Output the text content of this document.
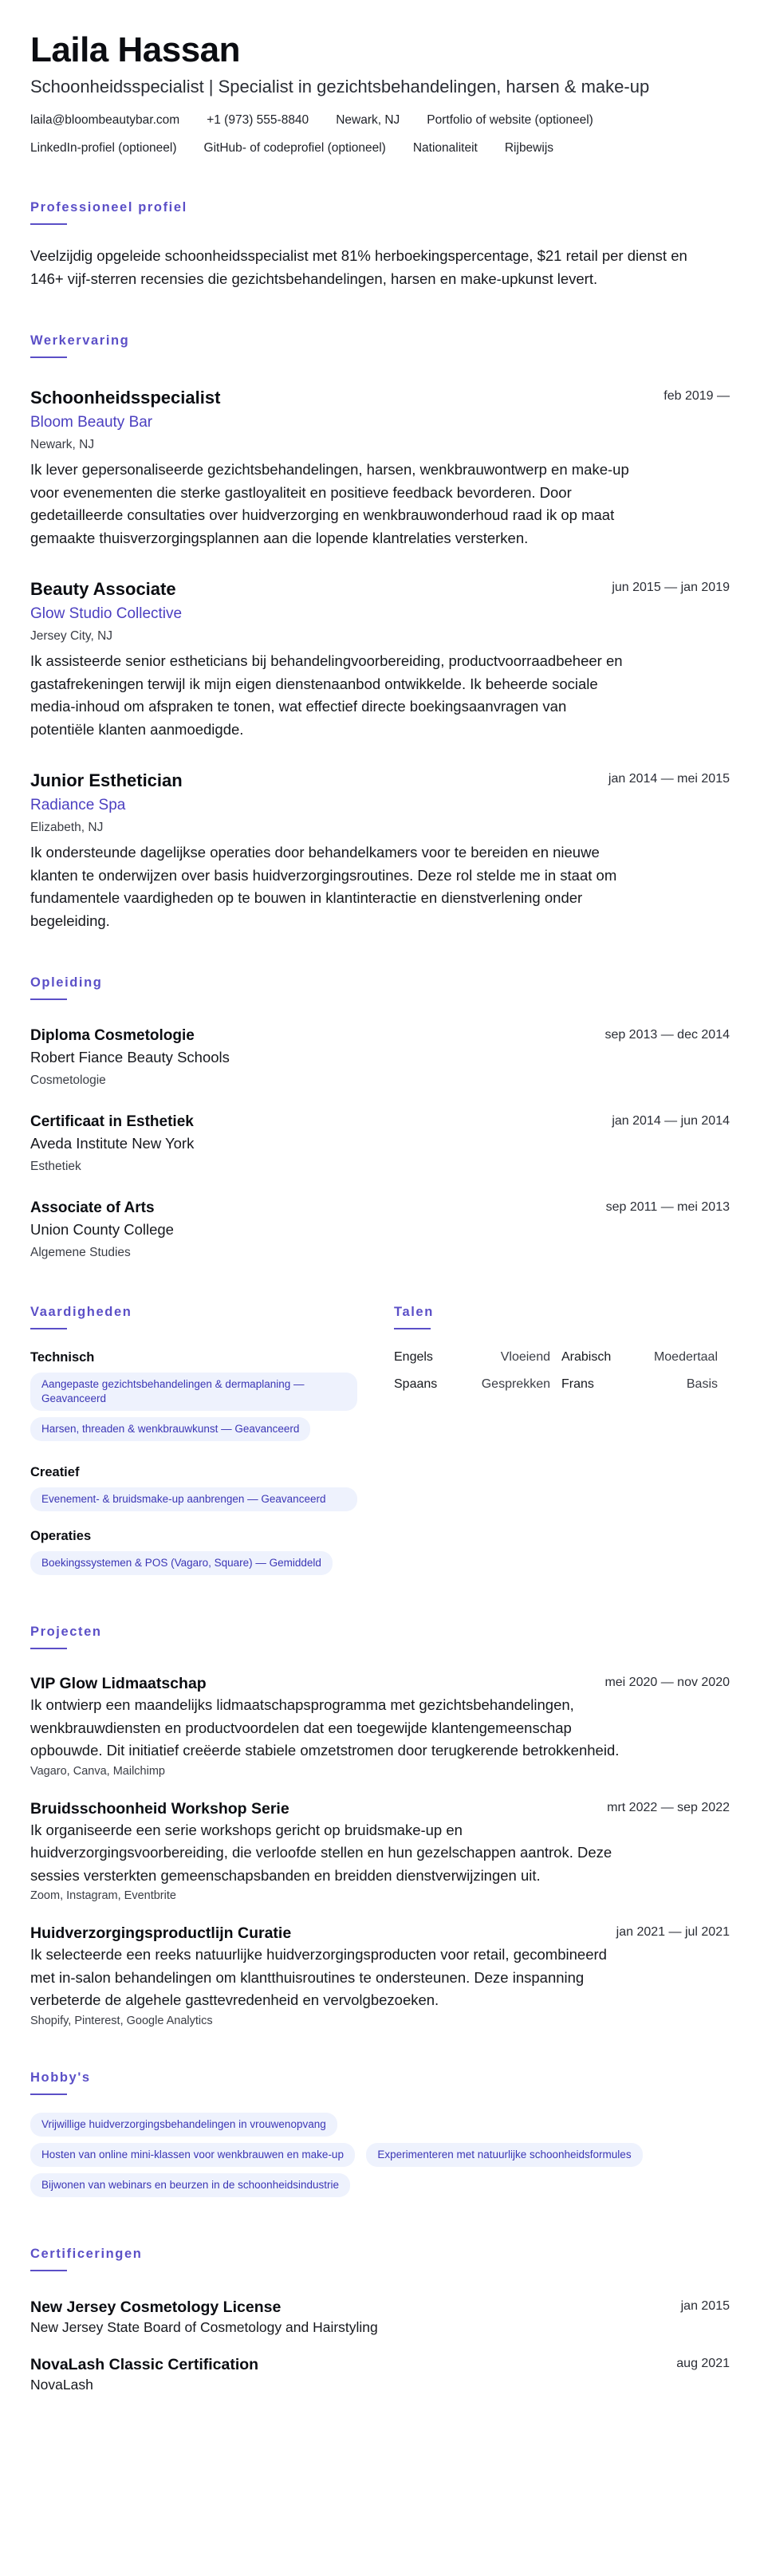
Laila Hassan
Schoonheidsspecialist | Specialist in gezichtsbehandelingen, harsen & make-up
laila@bloombeautybar.com +1 (973) 555-8840 Newark, NJ Portfolio of website (optioneel)
LinkedIn-profiel (optioneel) GitHub- of codeprofiel (optioneel) Nationaliteit Rijbewijs
Professioneel profiel

Veelzijdig opgeleide schoonheidsspecialist met 81% herboekingspercentage, $21 retail per dienst en 146+ vijf-sterren recensies die gezichtsbehandelingen, harsen en make-upkunst levert.

Werkervaring
Schoonheidsspecialist	feb 2019 —
Bloom Beauty Bar
Newark, NJ

Ik lever gepersonaliseerde gezichtsbehandelingen, harsen, wenkbrauwontwerp en make-up voor evenementen die sterke gastloyaliteit en positieve feedback bevorderen. Door gedetailleerde consultaties over huidverzorging en wenkbrauwonderhoud raad ik op maat gemaakte thuisverzorgingsplannen aan die lopende klantrelaties versterken.

Beauty Associate	jun 2015 — jan 2019
Glow Studio Collective
Jersey City, NJ

Ik assisteerde senior estheticians bij behandelingvoorbereiding, productvoorraadbeheer en gastafrekeningen terwijl ik mijn eigen dienstenaanbod ontwikkelde. Ik beheerde sociale media-inhoud om afspraken te tonen, wat effectief directe boekingsaanvragen van potentiële klanten aanmoedigde.

Junior Esthetician	jan 2014 — mei 2015
Radiance Spa
Elizabeth, NJ

Ik ondersteunde dagelijkse operaties door behandelkamers voor te bereiden en nieuwe klanten te onderwijzen over basis huidverzorgingsroutines. Deze rol stelde me in staat om fundamentele vaardigheden op te bouwen in klantinteractie en dienstverlening onder begeleiding.

Opleiding
Diploma Cosmetologie	sep 2013 — dec 2014
Robert Fiance Beauty Schools
Cosmetologie
Certificaat in Esthetiek	jan 2014 — jun 2014
Aveda Institute New York
Esthetiek
Associate of Arts	sep 2011 — mei 2013
Union County College
Algemene Studies
Vaardigheden
Technisch
Aangepaste gezichtsbehandelingen & dermaplaning — Geavanceerd
Harsen, threaden & wenkbrauwkunst — Geavanceerd
Creatief
Evenement- & bruidsmake-up aanbrengen — Geavanceerd
Operaties
Boekingssystemen & POS (Vagaro, Square) — Gemiddeld
Talen
Engels	Vloeiend Arabisch	Moedertaal
Spaans	Gesprekken Frans	Basis
Projecten
VIP Glow Lidmaatschap	mei 2020 — nov 2020

Ik ontwierp een maandelijks lidmaatschapsprogramma met gezichtsbehandelingen, wenkbrauwdiensten en productvoordelen dat een toegewijde klantengemeenschap opbouwde. Dit initiatief creëerde stabiele omzetstromen door terugkerende betrokkenheid.

Vagaro, Canva, Mailchimp
Bruidsschoonheid Workshop Serie	mrt 2022 — sep 2022

Ik organiseerde een serie workshops gericht op bruidsmake-up en huidverzorgingsvoorbereiding, die verloofde stellen en hun gezelschappen aantrok. Deze sessies versterkten gemeenschapsbanden en breidden dienstverwijzingen uit.

Zoom, Instagram, Eventbrite
Huidverzorgingsproductlijn Curatie	jan 2021 — jul 2021

Ik selecteerde een reeks natuurlijke huidverzorgingsproducten voor retail, gecombineerd met in-salon behandelingen om klantthuisroutines te ondersteunen. Deze inspanning verbeterde de algehele gasttevredenheid en vervolgbezoeken.

Shopify, Pinterest, Google Analytics
Hobby's
Vrijwillige huidverzorgingsbehandelingen in vrouwenopvang
Hosten van online mini-klassen voor wenkbrauwen en make-up	Experimenteren met natuurlijke schoonheidsformules
Bijwonen van webinars en beurzen in de schoonheidsindustrie
Certificeringen
New Jersey Cosmetology License	jan 2015
New Jersey State Board of Cosmetology and Hairstyling
NovaLash Classic Certification	aug 2021
NovaLash
